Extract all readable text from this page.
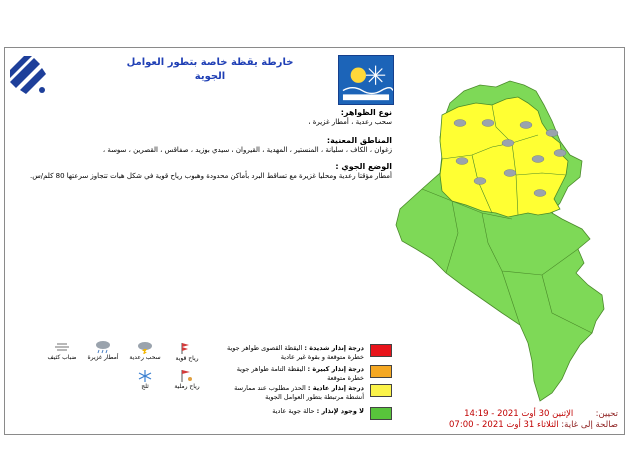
خارطة يقظة خاصة بتطور العوامل
الجوية
نوع الظواهر:
سحب رعدية ، أمطار غزيرة ،
المناطق المعنية:
زغوان ، الكاف ، سليانة ، المنستير ، المهدية ، القيروان ، سيدي بوزيد ، صفاقس ، القصرين ، سوسة ،
الوضع الجوي :
أمطار مؤقتا رعدية ومحليا غزيرة مع تساقط البرد بأماكن محدودة وهبوب رياح قوية في شكل هبات تتجاوز سرعتها 80 كلم/س.
درجة إنذار شديدة : اليقظة القصوى ظواهر جوية خطرة متوقعة و بقوة غير عادية
درجة إنذار كبيرة : اليقظة التامة ظواهر جوية خطرة متوقعة
درجة إنذار عادية : الحذر مطلوب عند ممارسة أنشطة مرتبطة بتطور العوامل الجوية
لا وجود لإنذار : حالة جوية عادية
رياح قوية
سحب رعدية
أمطار غزيرة
ضباب كثيف
رياح رملية
ثلج
تحيين: الإثنين 30 أوت 2021 - 14:19
صالحة إلى غاية: الثلاثاء 31 أوت 2021 - 07:00
